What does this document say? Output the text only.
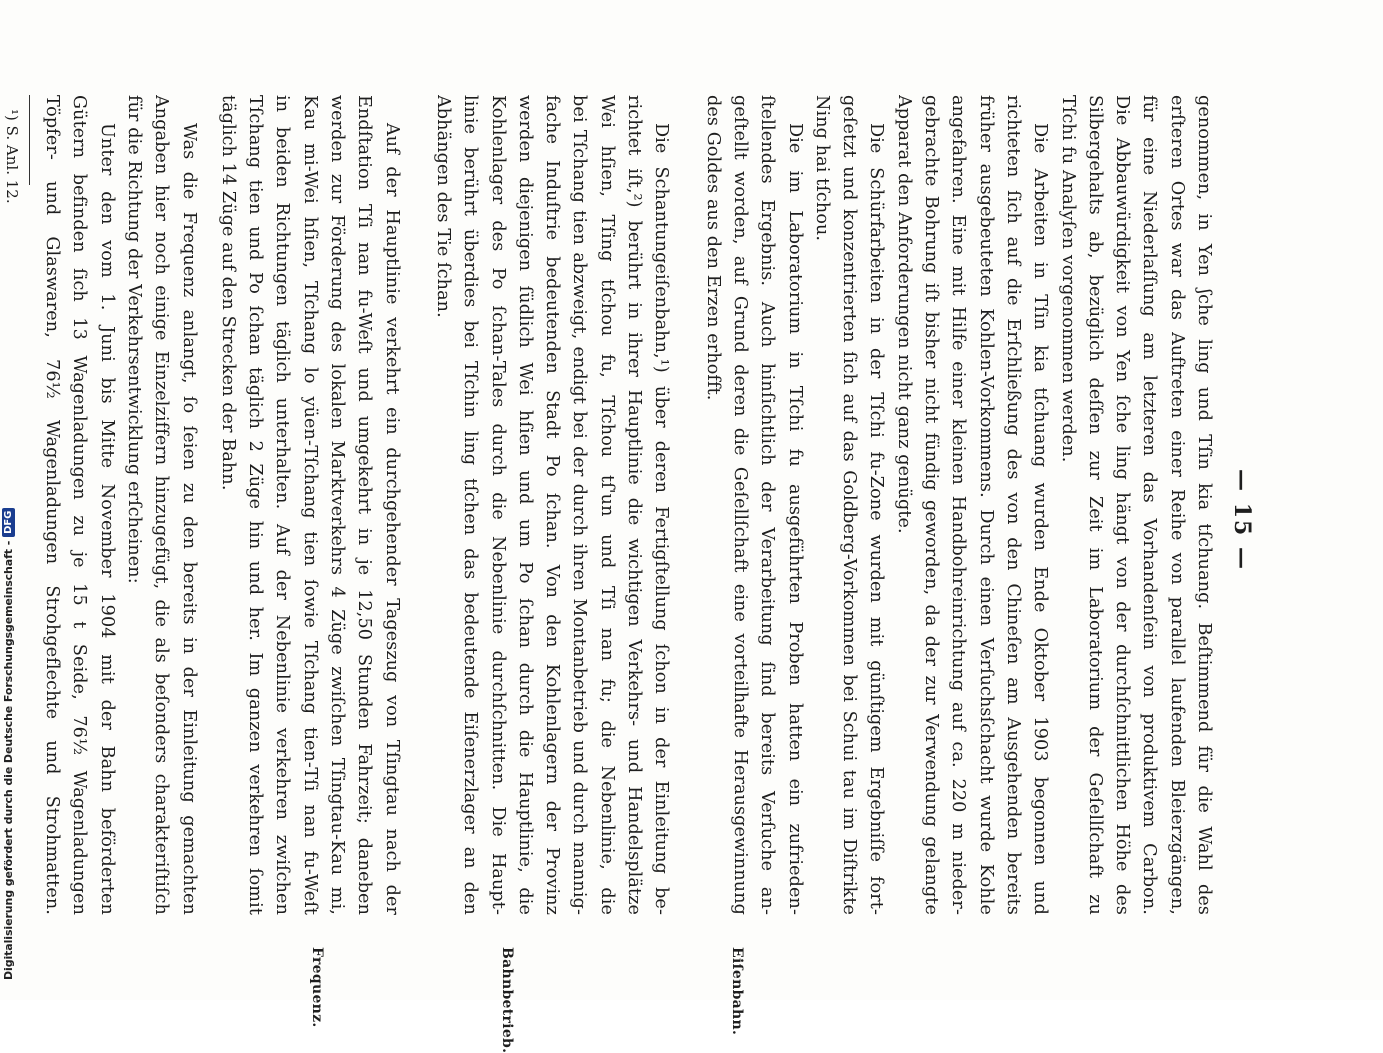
— 15 —
genommen, in Yen ʃche ling und Tſin kia tſchuang. Beſtimmend für die Wahl des
erſteren Ortes war das Auftreten einer Reihe von parallel laufenden Bleierzgängen,
für eine Niederlaſſung am letzteren das Vorhandenſein von produktivem Carbon.
Die Abbauwürdigkeit von Yen ſche ling hängt von der durchſchnittlichen Höhe des
Silbergehalts ab, bezüglich deſſen zur Zeit im Laboratorium der Geſellſchaft zu
Tſchi fu Analyſen vorgenommen werden.
Die Arbeiten in Tſin kia tſchuang wurden Ende Oktober 1903 begonnen und
richteten ſich auf die Erſchließung des von den Chineſen am Ausgehenden bereits
früher ausgebeuteten Kohlen-Vorkommens. Durch einen Verſuchsſchacht wurde Kohle
angefahren. Eine mit Hilfe einer kleinen Handbohreinrichtung auf ca. 220 m nieder-
gebrachte Bohrung iſt bisher nicht fündig geworden, da der zur Verwendung gelangte
Apparat den Anforderungen nicht ganz genügte.
Die Schürfarbeiten in der Tſchi fu-Zone wurden mit günſtigem Ergebniſſe fort-
geſetzt und konzentrierten ſich auf das Goldberg-Vorkommen bei Schui tau im Diſtrikte
Ning hai tſchou.
Die im Laboratorium in Tſchi fu ausgeführten Proben hatten ein zufrieden-
ſtellendes Ergebnis. Auch hinſichtlich der Verarbeitung ſind bereits Verſuche an-
geſtellt worden, auf Grund deren die Geſellſchaft eine vorteilhafte Herausgewinnung
des Goldes aus den Erzen erhofft.
Die Schantungeiſenbahn,¹) über deren Fertigſtellung ſchon in der Einleitung be-
richtet iſt,²) berührt in ihrer Hauptlinie die wichtigen Verkehrs- und Handelsplätze
Wei hſien, Tſing tſchou fu, Tſchou tſ'un und Tſi nan fu; die Nebenlinie, die
bei Tſchang tien abzweigt, endigt bei der durch ihren Montanbetrieb und durch mannig-
fache Induſtrie bedeutenden Stadt Po ſchan. Von den Kohlenlagern der Provinz
werden diejenigen ſüdlich Wei hſien und um Po ſchan durch die Hauptlinie, die
Kohlenlager des Po ſchan-Tales durch die Nebenlinie durchſchnitten. Die Haupt-
linie berührt überdies bei Tſchin ling tſchen das bedeutende Eiſenerzlager an den
Abhängen des Tie ſchan.
Auf der Hauptlinie verkehrt ein durchgehender Tageszug von Tſingtau nach der
Endſtation Tſi nan fu-Weſt und umgekehrt in je 12,50 Stunden Fahrzeit; daneben
werden zur Förderung des lokalen Marktverkehrs 4 Züge zwiſchen Tſingtau-Kau mi,
Kau mi-Wei hſien, Tſchang lo yüen-Tſchang tien ſowie Tſchang tien-Tſi nan fu-Weſt
in beiden Richtungen täglich unterhalten. Auf der Nebenlinie verkehren zwiſchen
Tſchang tien und Po ſchan täglich 2 Züge hin und her. Im ganzen verkehren ſomit
täglich 14 Züge auf den Strecken der Bahn.
Was die Frequenz anlangt, ſo ſeien zu den bereits in der Einleitung gemachten
Angaben hier noch einige Einzelziffern hinzugefügt, die als beſonders charakteriſtiſch
für die Richtung der Verkehrsentwicklung erſcheinen:
Unter den vom 1. Juni bis Mitte November 1904 mit der Bahn beförderten
Gütern befinden ſich 13 Wagenladungen zu je 15 t Seide, 76½ Wagenladungen
Töpfer- und Glaswaren, 76½ Wagenladungen Strohgeflechte und Strohmatten.
¹) S. Anl. 12.
Eiſenbahn.
Bahnbetrieb.
Frequenz.
Digitalisierung gefördert durch die Deutsche Forschungsgemeinschaft -
DFG
